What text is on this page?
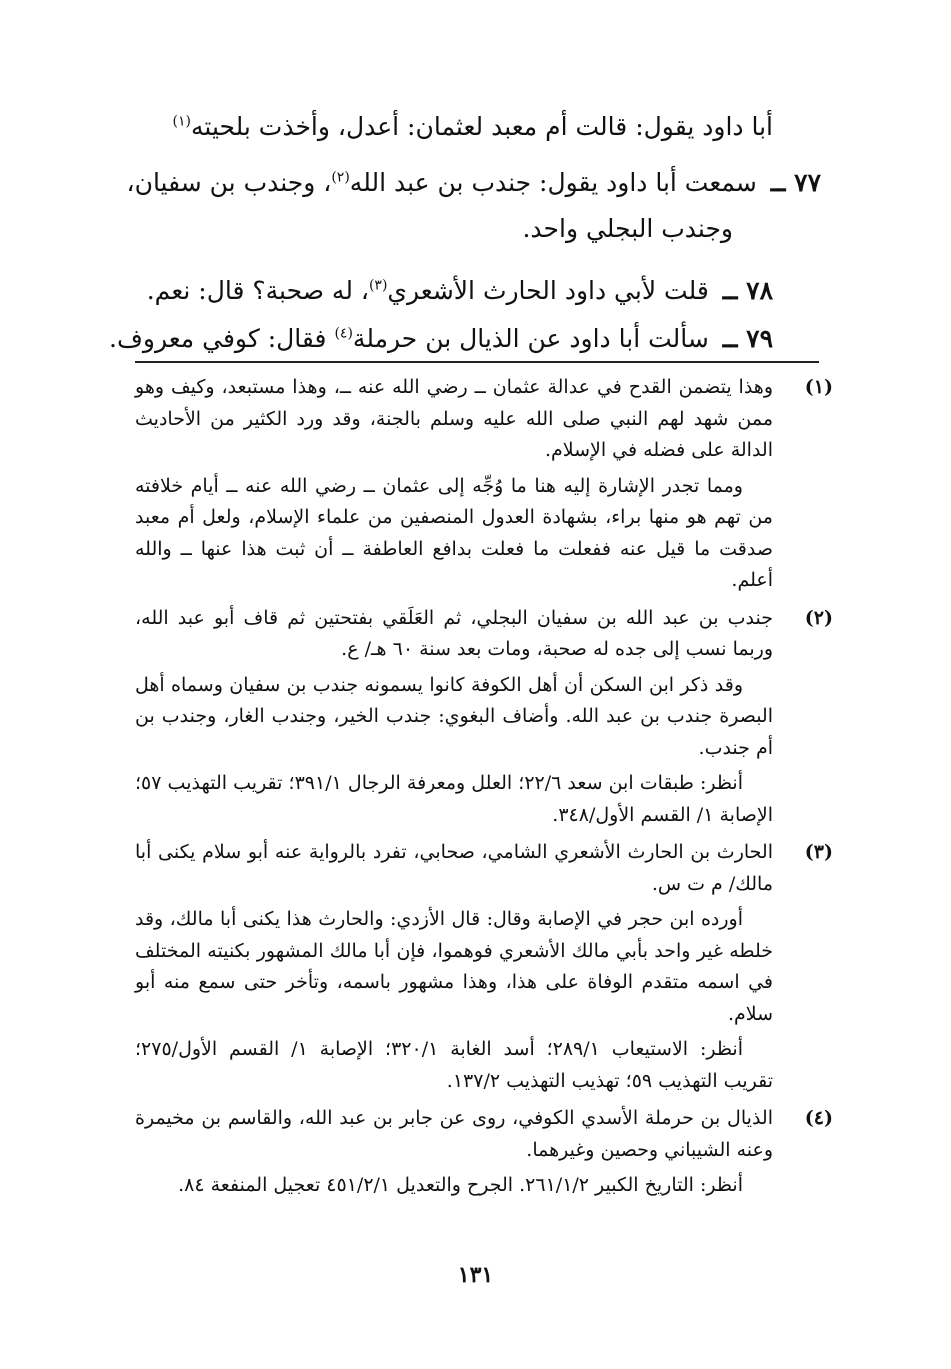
أبا داود يقول: قالت أم معبد لعثمان: أعدل، وأخذت بلحيته$^{(١)}$
٧٧ ــ سمعت أبا داود يقول: جندب بن عبد الله$^{(٢)}$، وجندب بن سفيان،
وجندب البجلي واحد.
٧٨ ــ قلت لأبي داود الحارث الأشعري$^{(٣)}$، له صحبة؟ قال: نعم.
٧٩ ــ سألت أبا داود عن الذيال بن حرملة$^{(٤)}$ فقال: كوفي معروف.
(١)

وهذا يتضمن القدح في عدالة عثمان ــ رضي الله عنه ــ، وهذا مستبعد، وكيف وهو ممن شهد لهم النبي صلى الله عليه وسلم بالجنة، وقد ورد الكثير من الأحاديث الدالة على فضله في الإسلام.

ومما تجدر الإشارة إليه هنا ما وُجِّه إلى عثمان ــ رضي الله عنه ــ أيام خلافته من تهم هو منها براء، بشهادة العدول المنصفين من علماء الإسلام، ولعل أم معبد صدقت ما قيل عنه ففعلت ما فعلت بدافع العاطفة ــ أن ثبت هذا عنها ــ والله أعلم.

(٢)

جندب بن عبد الله بن سفيان البجلي، ثم العَلَقي بفتحتين ثم قاف أبو عبد الله، وربما نسب إلى جده له صحبة، ومات بعد سنة ٦٠ هـ/ ع.

وقد ذكر ابن السكن أن أهل الكوفة كانوا يسمونه جندب بن سفيان وسماه أهل البصرة جندب بن عبد الله. وأضاف البغوي: جندب الخير، وجندب الغار، وجندب بن أم جندب.

أنظر: طبقات ابن سعد ٢٢/٦؛ العلل ومعرفة الرجال ٣٩١/١؛ تقريب التهذيب ٥٧؛ الإصابة ١/ القسم الأول/٣٤٨.

(٣)

الحارث بن الحارث الأشعري الشامي، صحابي، تفرد بالرواية عنه أبو سلام يكنى أبا مالك/ م ت س.

أورده ابن حجر في الإصابة وقال: قال الأزدي: والحارث هذا يكنى أبا مالك، وقد خلطه غير واحد بأبي مالك الأشعري فوهموا، فإن أبا مالك المشهور بكنيته المختلف في اسمه متقدم الوفاة على هذا، وهذا مشهور باسمه، وتأخر حتى سمع منه أبو سلام.

أنظر: الاستيعاب ٢٨٩/١؛ أسد الغابة ٣٢٠/١؛ الإصابة ١/ القسم الأول/٢٧٥؛ تقريب التهذيب ٥٩؛ تهذيب التهذيب ١٣٧/٢.

(٤)

الذيال بن حرملة الأسدي الكوفي، روى عن جابر بن عبد الله، والقاسم بن مخيمرة وعنه الشيباني وحصين وغيرهما.

أنظر: التاريخ الكبير ٢٦١/١/٢. الجرح والتعديل ٤٥١/٢/١ تعجيل المنفعة ٨٤.

١٣١
